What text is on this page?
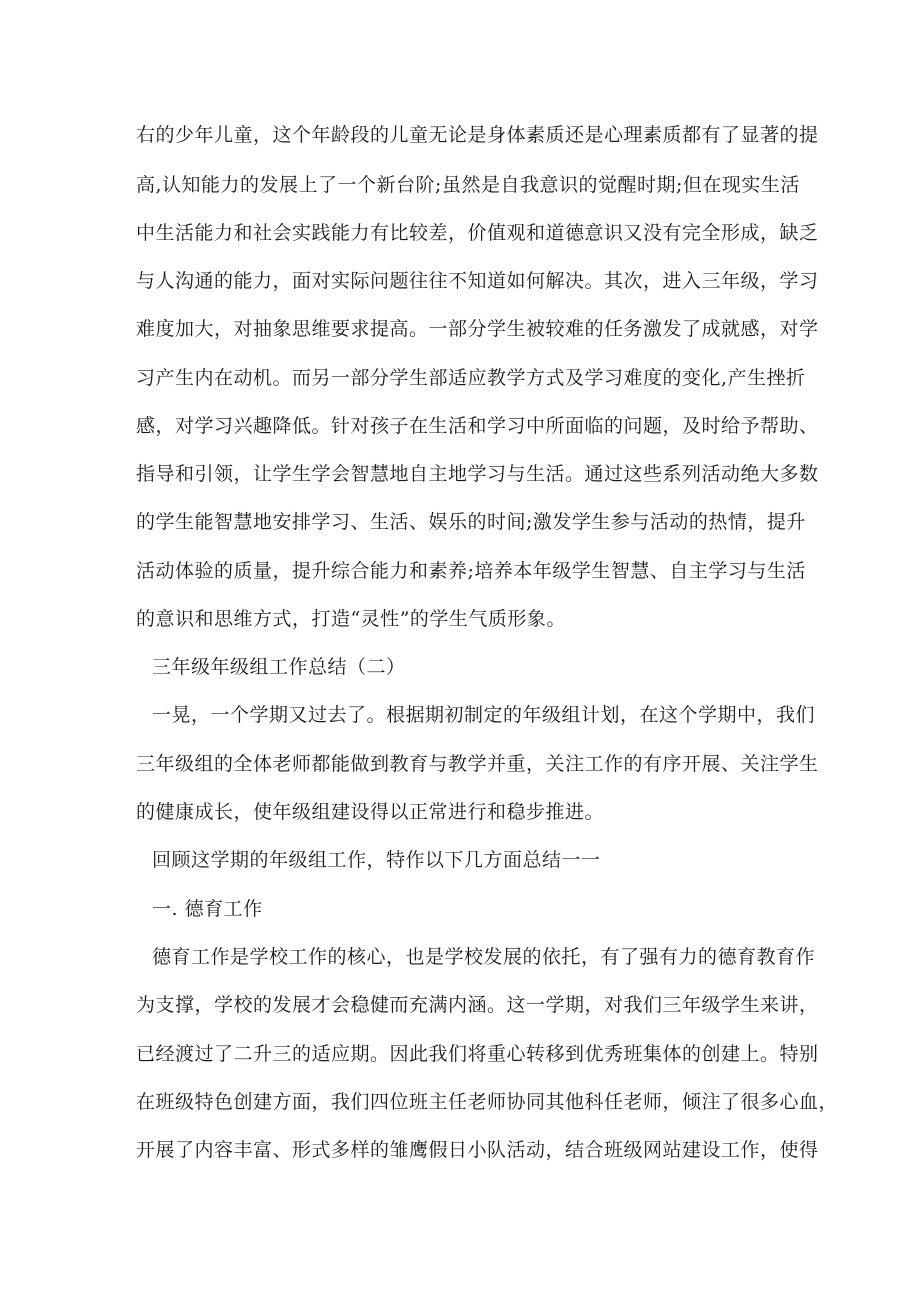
右的少年儿童，这个年龄段的儿童无论是身体素质还是心理素质都有了显著的提
高,认知能力的发展上了一个新台阶;虽然是自我意识的觉醒时期;但在现实生活
中生活能力和社会实践能力有比较差，价值观和道德意识又没有完全形成，缺乏
与人沟通的能力，面对实际问题往往不知道如何解决。其次，进入三年级，学习
难度加大，对抽象思维要求提高。一部分学生被较难的任务激发了成就感，对学
习产生内在动机。而另一部分学生部适应教学方式及学习难度的变化,产生挫折
感，对学习兴趣降低。针对孩子在生活和学习中所面临的问题，及时给予帮助、
指导和引领，让学生学会智慧地自主地学习与生活。通过这些系列活动绝大多数
的学生能智慧地安排学习、生活、娱乐的时间;激发学生参与活动的热情，提升
活动体验的质量，提升综合能力和素养;培养本年级学生智慧、自主学习与生活
的意识和思维方式，打造“灵性”的学生气质形象。
三年级年级组工作总结（二）
一晃，一个学期又过去了。根据期初制定的年级组计划，在这个学期中，我们
三年级组的全体老师都能做到教育与教学并重，关注工作的有序开展、关注学生
的健康成长，使年级组建设得以正常进行和稳步推进。
回顾这学期的年级组工作，特作以下几方面总结一一
一. 德育工作
德育工作是学校工作的核心，也是学校发展的依托，有了强有力的德育教育作
为支撑，学校的发展才会稳健而充满内涵。这一学期，对我们三年级学生来讲，
已经渡过了二升三的适应期。因此我们将重心转移到优秀班集体的创建上。特别
在班级特色创建方面，我们四位班主任老师协同其他科任老师，倾注了很多心血，
开展了内容丰富、形式多样的雏鹰假日小队活动，结合班级网站建设工作，使得
